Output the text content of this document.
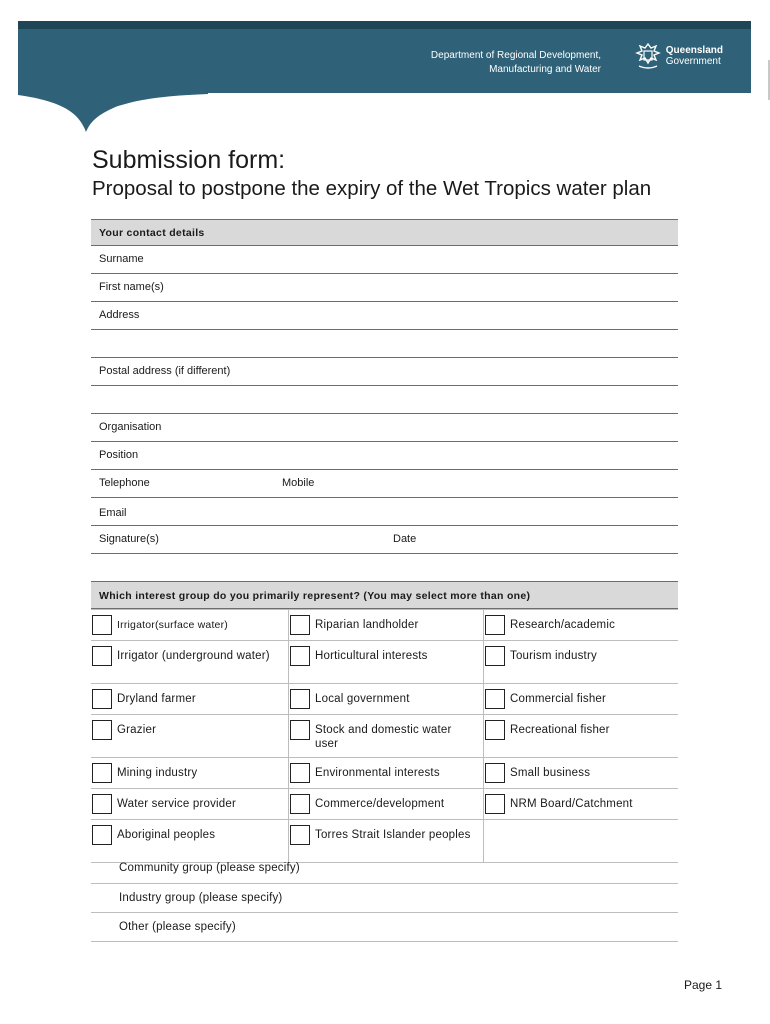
Department of Regional Development,
Manufacturing and Water
Queensland
Government
Submission form:
Proposal to postpone the expiry of the Wet Tropics water plan
Your contact details
Surname
First name(s)
Address
Postal address (if different)
Organisation
Position
Telephone	Mobile
Email
Signature(s)	Date
Which interest group do you primarily represent? (You may select more than one)
Irrigator(surface water)	Riparian landholder	Research/academic

Irrigator (underground water)	Horticultural interests	Tourism industry

Dryland farmer	Local government	Commercial fisher

Grazier	Stock and domestic water user	Recreational fisher

Mining industry	Environmental interests	Small business

Water service provider	Commerce/development	NRM Board/Catchment

Aboriginal peoples	Torres Strait Islander peoples	

Community group (please specify)
Industry group (please specify)
Other (please specify)
Page 1
